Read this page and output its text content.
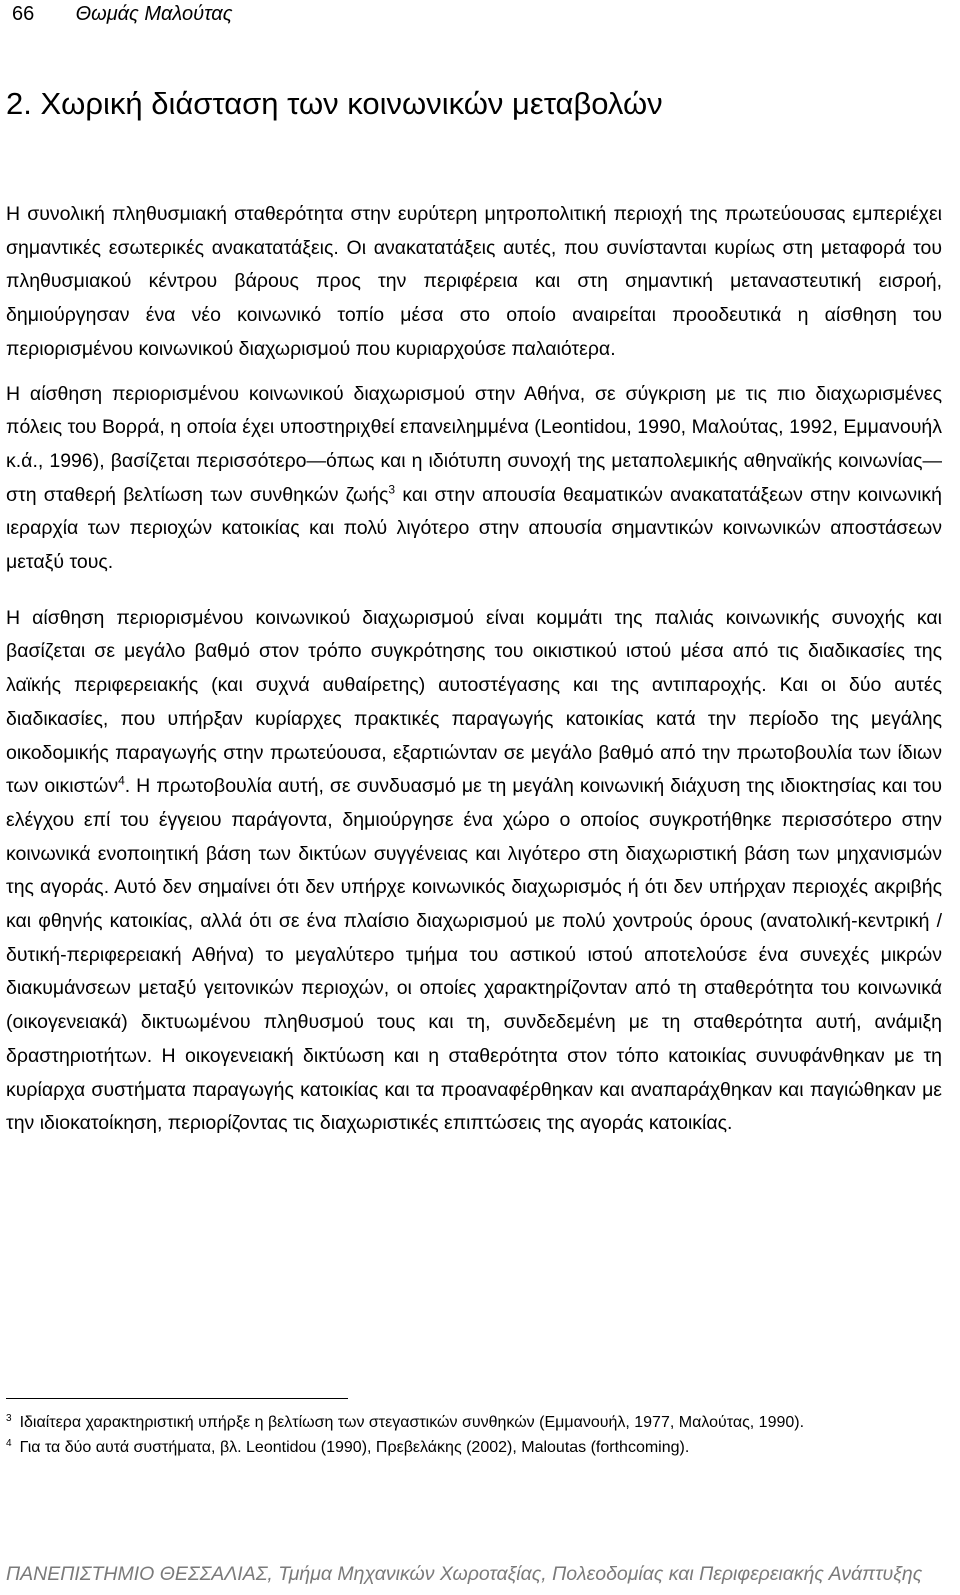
66 Θωμάς Μαλούτας
2. Χωρική διάσταση των κοινωνικών μεταβολών

Η συνολική πληθυσμιακή σταθερότητα στην ευρύτερη μητροπολιτική περιοχή της πρωτεύουσας εμπεριέχει σημαντικές εσωτερικές ανακατατάξεις. Οι ανακατατάξεις αυτές, που συνίστανται κυρίως στη μεταφορά του πληθυσμιακού κέντρου βάρους προς την περιφέρεια και στη σημαντική μεταναστευτική εισροή, δημιούργησαν ένα νέο κοινωνικό τοπίο μέσα στο οποίο αναιρείται προοδευτικά η αίσθηση του περιορισμένου κοινωνικού διαχωρισμού που κυριαρχούσε παλαιότερα.

Η αίσθηση περιορισμένου κοινωνικού διαχωρισμού στην Αθήνα, σε σύγκριση με τις πιο διαχωρισμένες πόλεις του Βορρά, η οποία έχει υποστηριχθεί επανειλημμένα (Leontidou, 1990, Μαλούτας, 1992, Εμμανουήλ κ.ά., 1996), βασίζεται περισσότερο—όπως και η ιδιότυπη συνοχή της μεταπολεμικής αθηναϊκής κοινωνίας—στη σταθερή βελτίωση των συνθηκών ζωής$^3$ και στην απουσία θεαματικών ανακατατάξεων στην κοινωνική ιεραρχία των περιοχών κατοικίας και πολύ λιγότερο στην απουσία σημαντικών κοινωνικών αποστάσεων μεταξύ τους.

Η αίσθηση περιορισμένου κοινωνικού διαχωρισμού είναι κομμάτι της παλιάς κοινωνικής συνοχής και βασίζεται σε μεγάλο βαθμό στον τρόπο συγκρότησης του οικιστικού ιστού μέσα από τις διαδικασίες της λαϊκής περιφερειακής (και συχνά αυθαίρετης) αυτοστέγασης και της αντιπαροχής. Και οι δύο αυτές διαδικασίες, που υπήρξαν κυρίαρχες πρακτικές παραγωγής κατοικίας κατά την περίοδο της μεγάλης οικοδομικής παραγωγής στην πρωτεύουσα, εξαρτιώνταν σε μεγάλο βαθμό από την πρωτοβουλία των ίδιων των οικιστών$^4$. Η πρωτοβουλία αυτή, σε συνδυασμό με τη μεγάλη κοινωνική διάχυση της ιδιοκτησίας και του ελέγχου επί του έγγειου παράγοντα, δημιούργησε ένα χώρο ο οποίος συγκροτήθηκε περισσότερο στην κοινωνικά ενοποιητική βάση των δικτύων συγγένειας και λιγότερο στη διαχωριστική βάση των μηχανισμών της αγοράς. Αυτό δεν σημαίνει ότι δεν υπήρχε κοινωνικός διαχωρισμός ή ότι δεν υπήρχαν περιοχές ακριβής και φθηνής κατοικίας, αλλά ότι σε ένα πλαίσιο διαχωρισμού με πολύ χοντρούς όρους (ανατολική-κεντρική / δυτική-περιφερειακή Αθήνα) το μεγαλύτερο τμήμα του αστικού ιστού αποτελούσε ένα συνεχές μικρών διακυμάνσεων μεταξύ γειτονικών περιοχών, οι οποίες χαρακτηρίζονταν από τη σταθερότητα του κοινωνικά (οικογενειακά) δικτυωμένου πληθυσμού τους και τη, συνδεδεμένη με τη σταθερότητα αυτή, ανάμιξη δραστηριοτήτων. Η οικογενειακή δικτύωση και η σταθερότητα στον τόπο κατοικίας συνυφάνθηκαν με τη κυρίαρχα συστήματα παραγωγής κατοικίας και τα προαναφέρθηκαν και αναπαράχθηκαν και παγιώθηκαν με την ιδιοκατοίκηση, περιορίζοντας τις διαχωριστικές επιπτώσεις της αγοράς κατοικίας.

$^3$ Ιδιαίτερα χαρακτηριστική υπήρξε η βελτίωση των στεγαστικών συνθηκών (Εμμανουήλ, 1977, Μαλούτας, 1990).

$^4$ Για τα δύο αυτά συστήματα, βλ. Leontidou (1990), Πρεβελάκης (2002), Maloutas (forthcoming).

ΠΑΝΕΠΙΣΤΗΜΙΟ ΘΕΣΣΑΛΙΑΣ, Τμήμα Μηχανικών Χωροταξίας, Πολεοδομίας και Περιφερειακής Ανάπτυξης
